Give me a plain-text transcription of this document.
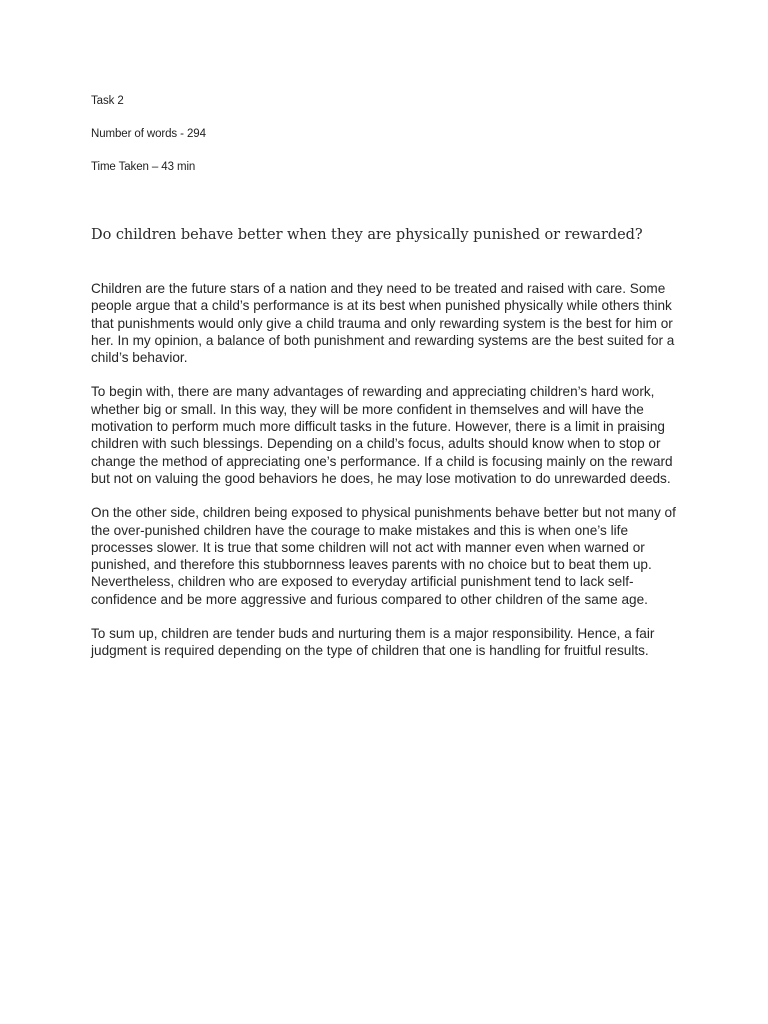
Task 2
Number of words - 294
Time Taken – 43 min
Do children behave better when they are physically punished or rewarded?

Children are the future stars of a nation and they need to be treated and raised with care. Some people argue that a child’s performance is at its best when punished physically while others think that punishments would only give a child trauma and only rewarding system is the best for him or her. In my opinion, a balance of both punishment and rewarding systems are the best suited for a child’s behavior.

To begin with, there are many advantages of rewarding and appreciating children’s hard work, whether big or small. In this way, they will be more confident in themselves and will have the motivation to perform much more difficult tasks in the future. However, there is a limit in praising children with such blessings. Depending on a child’s focus, adults should know when to stop or change the method of appreciating one’s performance. If a child is focusing mainly on the reward but not on valuing the good behaviors he does, he may lose motivation to do unrewarded deeds.

On the other side, children being exposed to physical punishments behave better but not many of the over-punished children have the courage to make mistakes and this is when one’s life processes slower. It is true that some children will not act with manner even when warned or punished, and therefore this stubbornness leaves parents with no choice but to beat them up. Nevertheless, children who are exposed to everyday artificial punishment tend to lack self-confidence and be more aggressive and furious compared to other children of the same age.

To sum up, children are tender buds and nurturing them is a major responsibility. Hence, a fair judgment is required depending on the type of children that one is handling for fruitful results.
